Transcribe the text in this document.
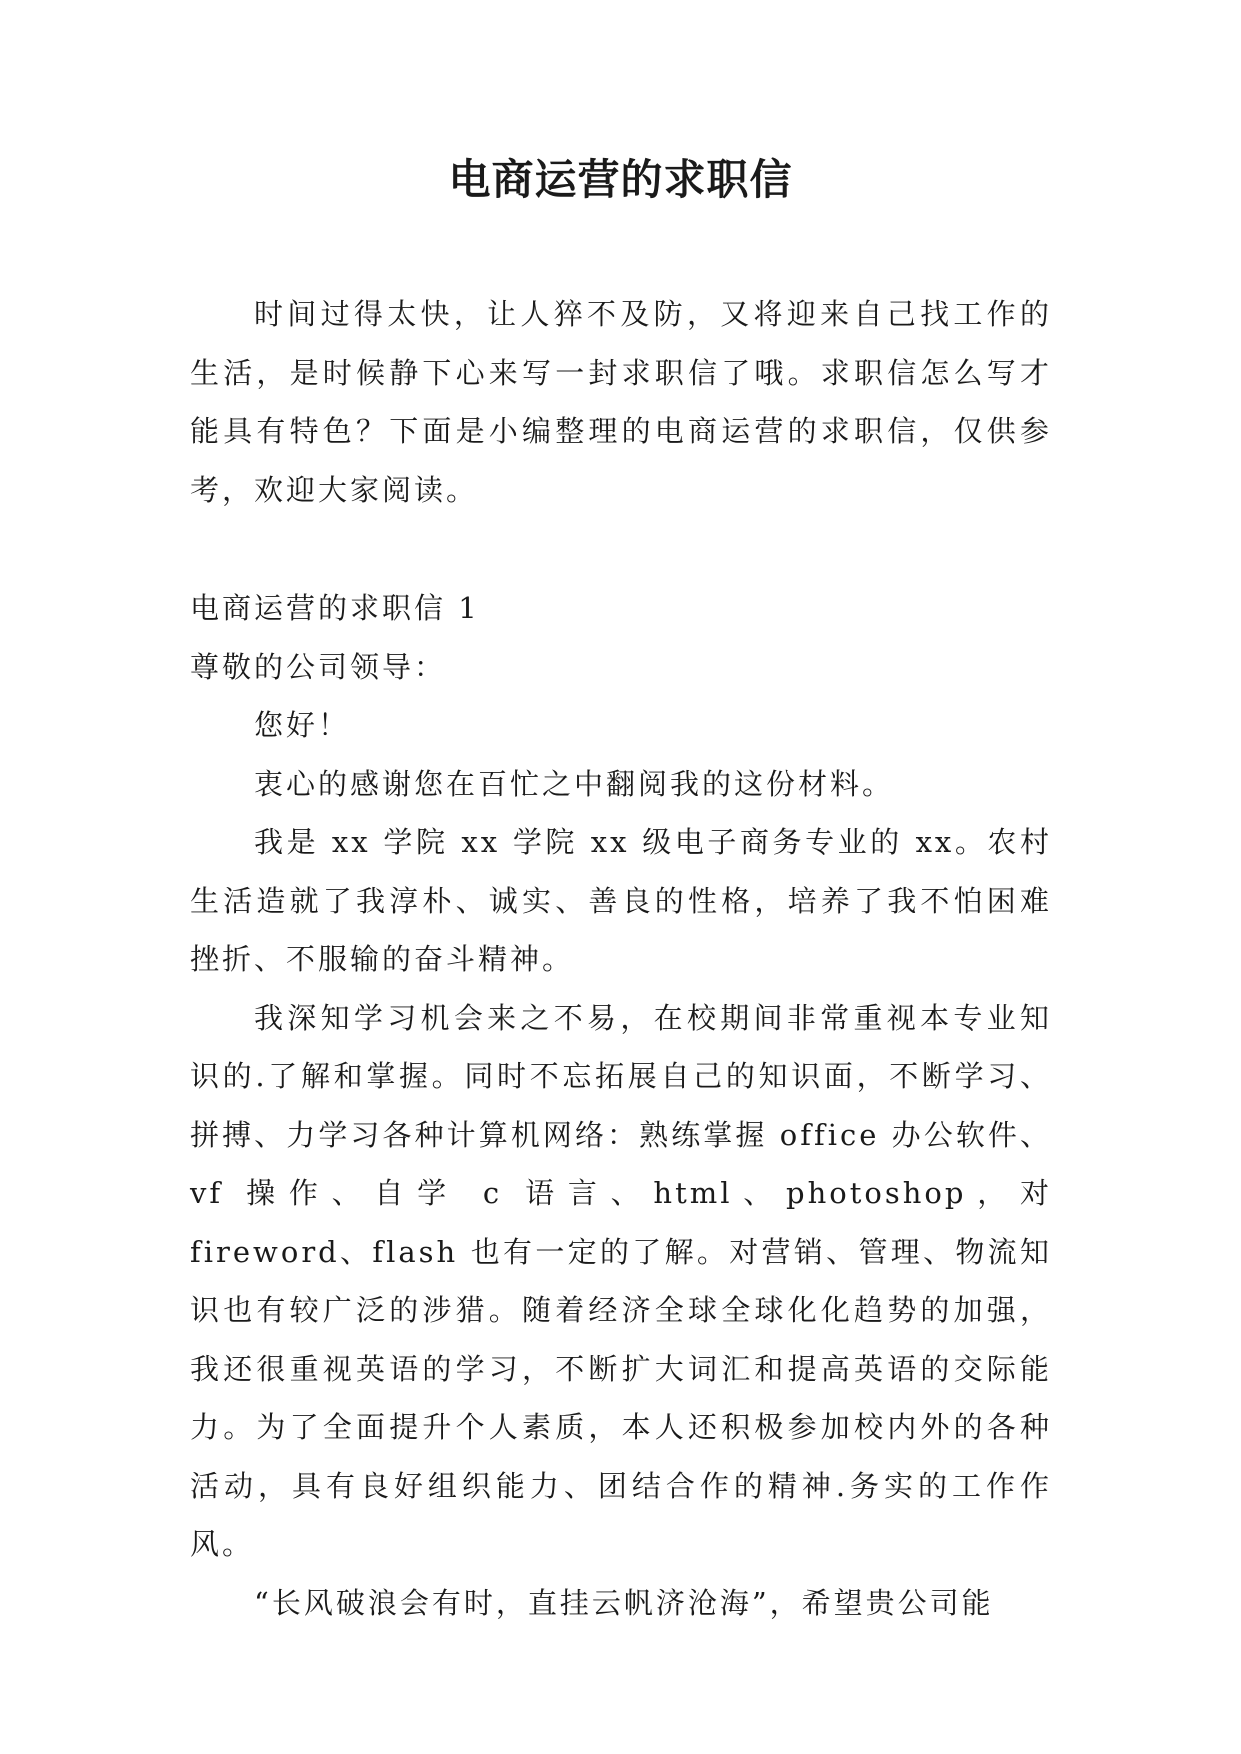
电商运营的求职信

时间过得太快，让人猝不及防，又将迎来自己找工作的生活，是时候静下心来写一封求职信了哦。求职信怎么写才能具有特色？下面是小编整理的电商运营的求职信，仅供参考，欢迎大家阅读。

电商运营的求职信 1

尊敬的公司领导：

您好！

衷心的感谢您在百忙之中翻阅我的这份材料。

我是 xx 学院 xx 学院 xx 级电子商务专业的 xx。农村生活造就了我淳朴、诚实、善良的性格，培养了我不怕困难挫折、不服输的奋斗精神。

我深知学习机会来之不易，在校期间非常重视本专业知识的.了解和掌握。同时不忘拓展自己的知识面，不断学习、拼搏、力学习各种计算机网络：熟练掌握 office 办公软件、vf 操作、自学 c 语言、html、photoshop，对 fireword、flash 也有一定的了解。对营销、管理、物流知识也有较广泛的涉猎。随着经济全球全球化化趋势的加强，我还很重视英语的学习，不断扩大词汇和提高英语的交际能力。为了全面提升个人素质，本人还积极参加校内外的各种活动，具有良好组织能力、团结合作的精神.务实的工作作风。

“长风破浪会有时，直挂云帆济沧海”，希望贵公司能
